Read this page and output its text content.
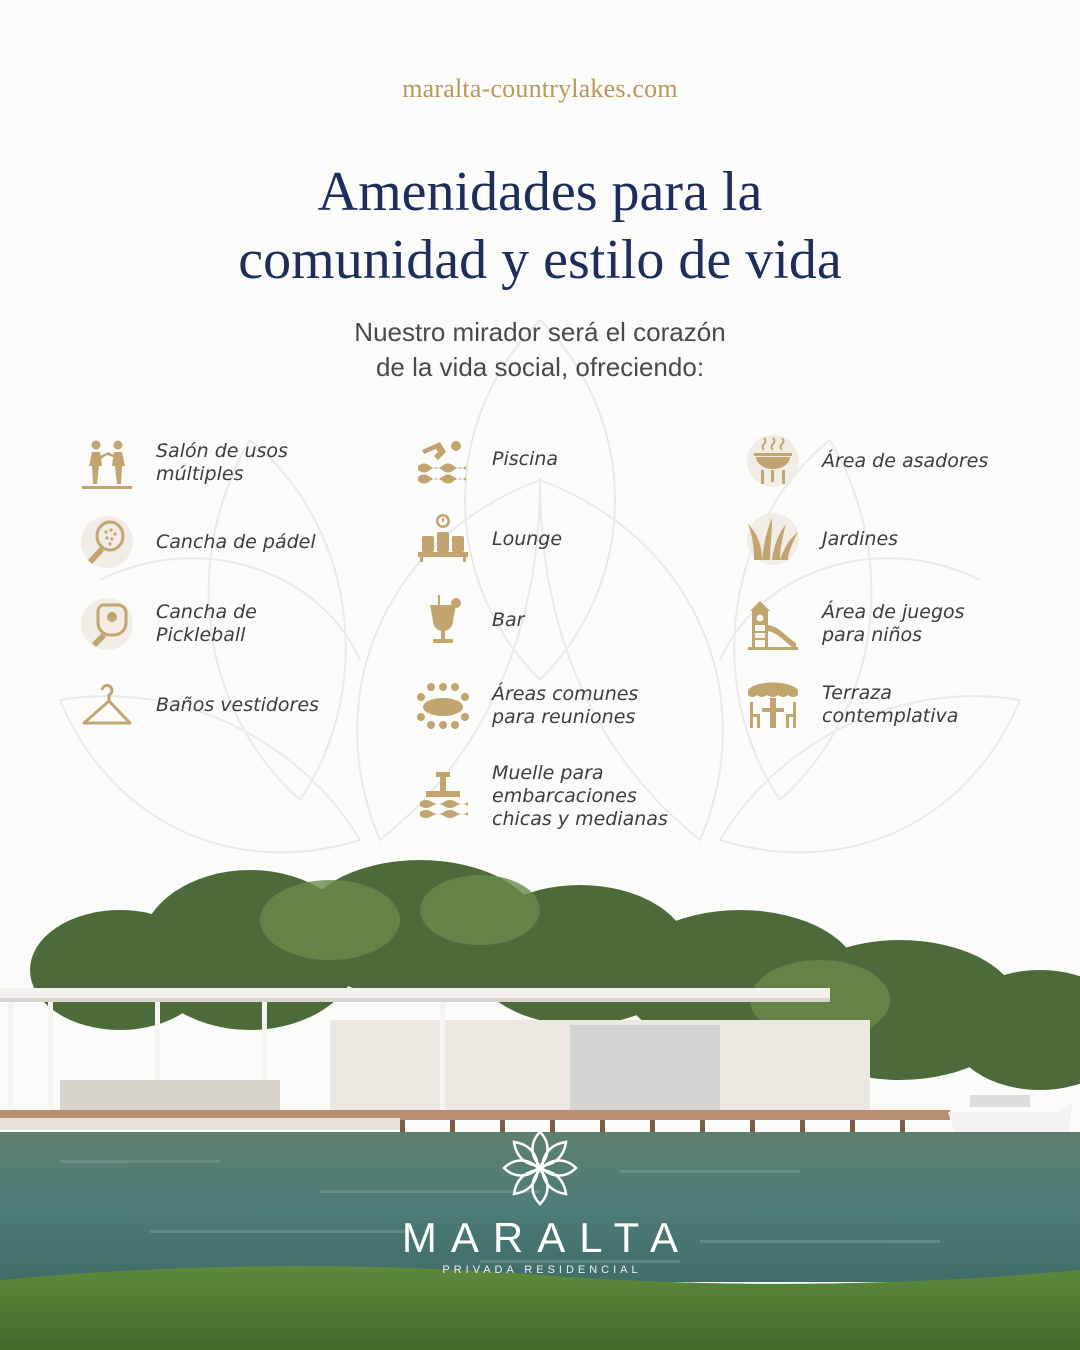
maralta-countrylakes.com
Amenidades para la
comunidad y estilo de vida
Nuestro mirador será el corazón
de la vida social, ofreciendo:
Salón de usos
múltiples
Cancha de pádel
Cancha de
Pickleball
Baños vestidores
Piscina
Lounge
Bar
Áreas comunes
para reuniones
Muelle para
embarcaciones
chicas y medianas
Área de asadores
Jardines
Área de juegos
para niños
Terraza
contemplativa
MARALTA
PRIVADA RESIDENCIAL
